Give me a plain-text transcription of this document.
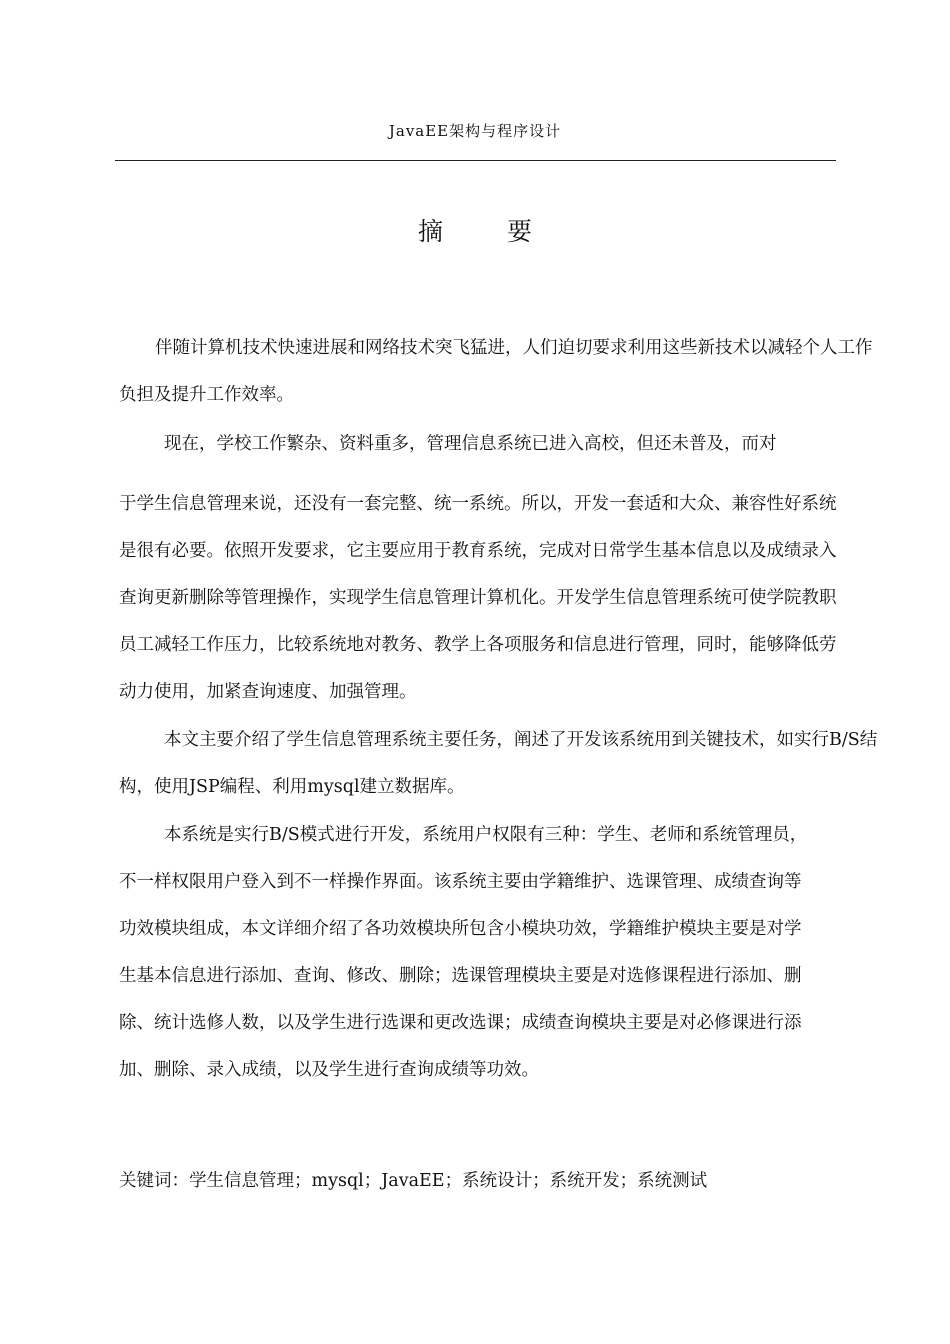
JavaEE架构与程序设计
摘 要
伴随计算机技术快速进展和网络技术突飞猛进，人们迫切要求利用这些新技术以减轻个人工作
负担及提升工作效率。
现在，学校工作繁杂、资料重多，管理信息系统已进入高校，但还未普及，而对
于学生信息管理来说，还没有一套完整、统一系统。所以，开发一套适和大众、兼容性好系统
是很有必要。依照开发要求，它主要应用于教育系统，完成对日常学生基本信息以及成绩录入
查询更新删除等管理操作，实现学生信息管理计算机化。开发学生信息管理系统可使学院教职
员工减轻工作压力，比较系统地对教务、教学上各项服务和信息进行管理，同时，能够降低劳
动力使用，加紧查询速度、加强管理。
本文主要介绍了学生信息管理系统主要任务，阐述了开发该系统用到关键技术，如实行B/S结
构，使用JSP编程、利用mysql建立数据库。
本系统是实行B/S模式进行开发，系统用户权限有三种：学生、老师和系统管理员，
不一样权限用户登入到不一样操作界面。该系统主要由学籍维护、选课管理、成绩查询等
功效模块组成，本文详细介绍了各功效模块所包含小模块功效，学籍维护模块主要是对学
生基本信息进行添加、查询、修改、删除；选课管理模块主要是对选修课程进行添加、删
除、统计选修人数，以及学生进行选课和更改选课；成绩查询模块主要是对必修课进行添
加、删除、录入成绩，以及学生进行查询成绩等功效。
关键词：学生信息管理；mysql；JavaEE；系统设计；系统开发；系统测试
